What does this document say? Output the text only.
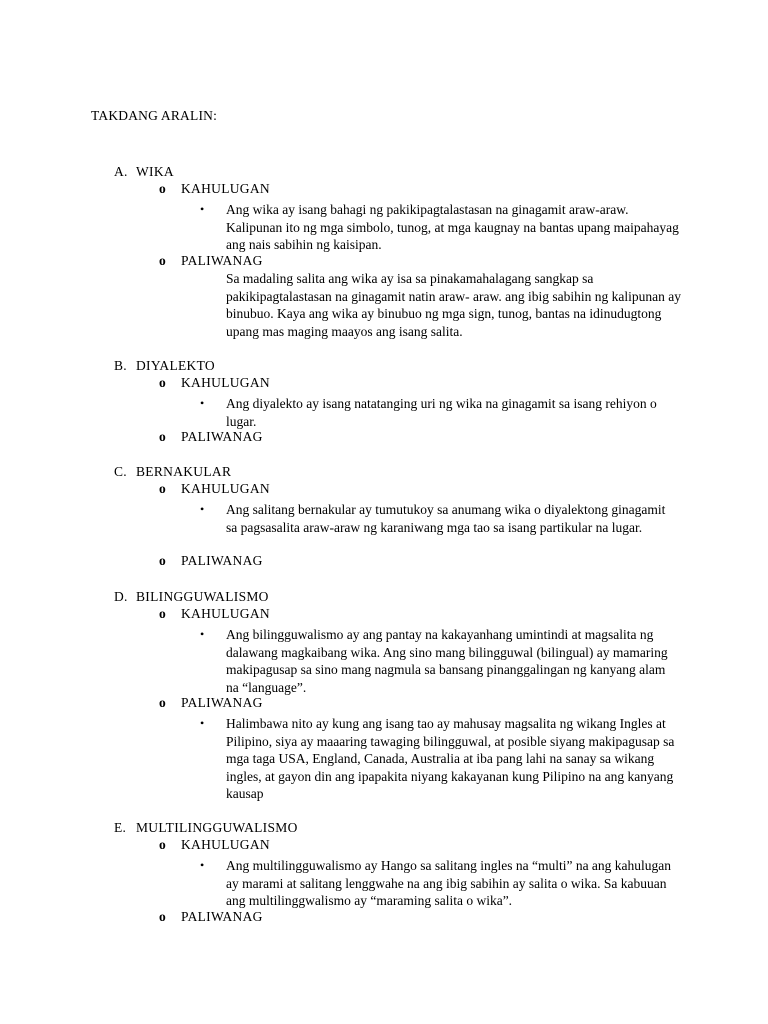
TAKDANG ARALIN:
A. WIKA
o KAHULUGAN
•	Ang wika ay isang bahagi ng pakikipagtalastasan na ginagamit araw-araw. Kalipunan ito ng mga simbolo, tunog, at mga kaugnay na bantas upang maipahayag ang nais sabihin ng kaisipan.
o PALIWANAG
Sa madaling salita ang wika ay isa sa pinakamahalagang sangkap sa pakikipagtalastasan na ginagamit natin araw- araw. ang ibig sabihin ng kalipunan ay binubuo. Kaya ang wika ay binubuo ng mga sign, tunog, bantas na idinudugtong upang mas maging maayos ang isang salita.
B. DIYALEKTO
o KAHULUGAN
•	Ang diyalekto ay isang natatanging uri ng wika na ginagamit sa isang rehiyon o lugar.
o PALIWANAG
C. BERNAKULAR
o KAHULUGAN
•	Ang salitang bernakular ay tumutukoy sa anumang wika o diyalektong ginagamit sa pagsasalita araw-araw ng karaniwang mga tao sa isang partikular na lugar.
o PALIWANAG
D. BILINGGUWALISMO
o KAHULUGAN
•	Ang bilingguwalismo ay ang pantay na kakayanhang umintindi at magsalita ng dalawang magkaibang wika. Ang sino mang bilingguwal (bilingual) ay mamaring makipagusap sa sino mang nagmula sa bansang pinanggalingan ng kanyang alam na “language”.
o PALIWANAG
•	Halimbawa nito ay kung ang isang tao ay mahusay magsalita ng wikang Ingles at Pilipino, siya ay maaaring tawaging bilingguwal, at posible siyang makipagusap sa mga taga USA, England, Canada, Australia at iba pang lahi na sanay sa wikang ingles, at gayon din ang ipapakita niyang kakayanan kung Pilipino na ang kanyang kausap
E. MULTILINGGUWALISMO
o KAHULUGAN
•	Ang multilingguwalismo ay Hango sa salitang ingles na “multi” na ang kahulugan ay marami at salitang lenggwahe na ang ibig sabihin ay salita o wika. Sa kabuuan ang multilinggwalismo ay “maraming salita o wika”.
o PALIWANAG
